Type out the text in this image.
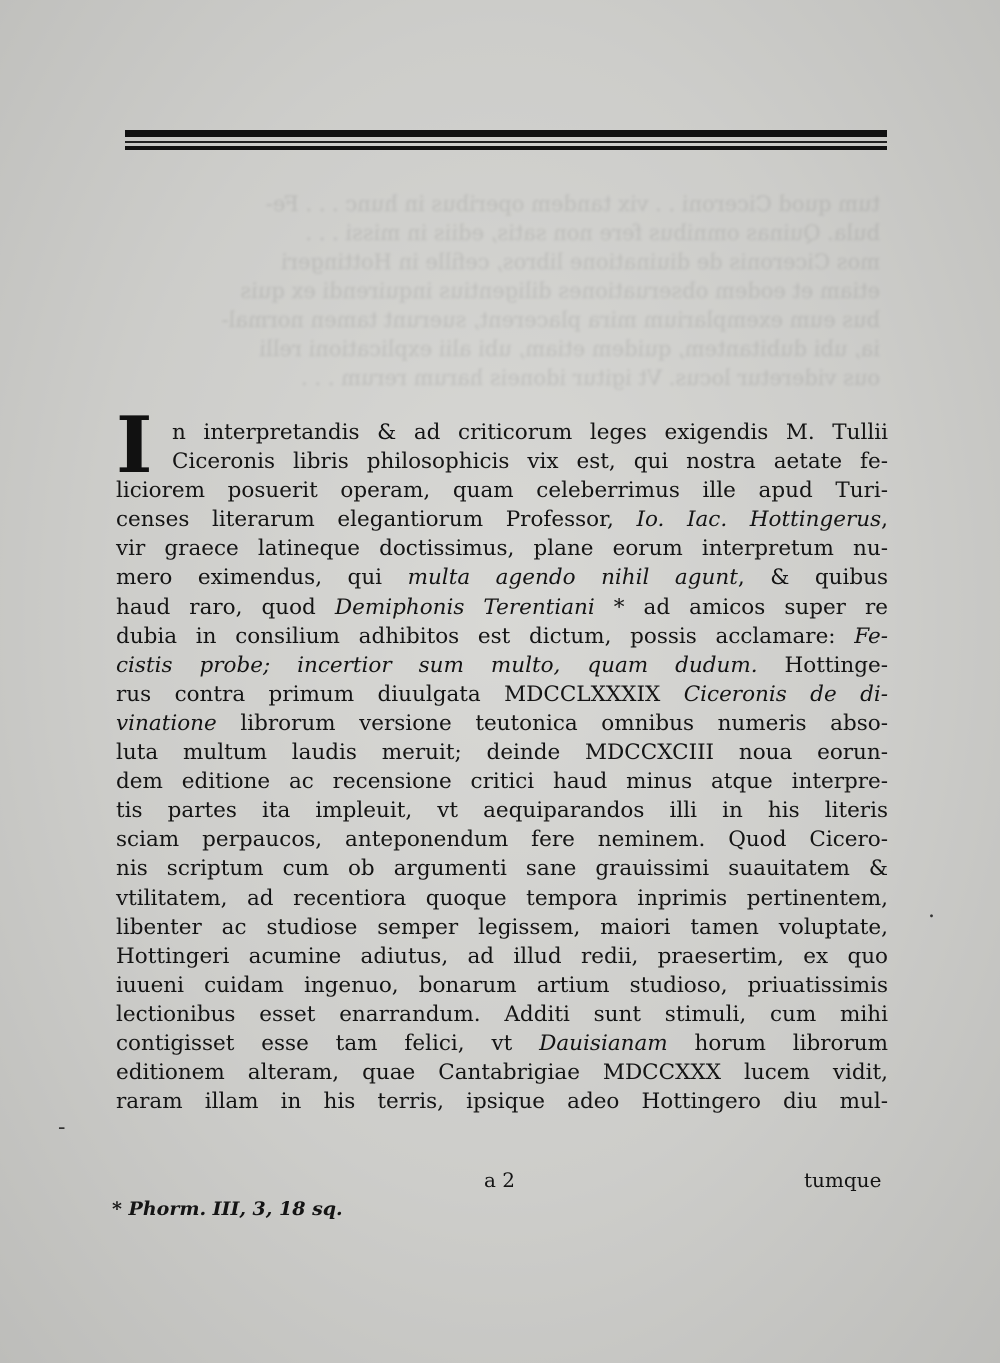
tum quod Ciceroni . . vix tandem operibus in hunc . . . Fe-
bula. Quinas omnibus fere non satis, ediis in missi . . .
mos Ciceronis de diuinatione libros, cefille in Hottingeri
etiam et eodem obseruationes diligentius inquirendi ex quis
bus eum exemplarium mira placerent, suerunt tamen normal-
ia, ubi dubitantem, quidem etiam, ubi alii explicationi relli
ous videretur locus. Vt igitur idoneis harum rerum . . .
I n interpretandis & ad criticorum leges exigendis M. Tullii
Ciceronis libris philosophicis vix est, qui nostra aetate fe-
liciorem posuerit operam, quam celeberrimus ille apud Turi-
censes literarum elegantiorum Professor, Io. Iac. Hottingerus,
vir graece latineque doctissimus, plane eorum interpretum nu-
mero eximendus, qui multa agendo nihil agunt, & quibus
haud raro, quod Demiphonis Terentiani * ad amicos super re
dubia in consilium adhibitos est dictum, possis acclamare: Fe-
cistis probe; incertior sum multo, quam dudum. Hottinge-
rus contra primum diuulgata MDCCLXXXIX Ciceronis de di-
vinatione librorum versione teutonica omnibus numeris abso-
luta multum laudis meruit; deinde MDCCXCIII noua eorun-
dem editione ac recensione critici haud minus atque interpre-
tis partes ita impleuit, vt aequiparandos illi in his literis
sciam perpaucos, anteponendum fere neminem. Quod Cicero-
nis scriptum cum ob argumenti sane grauissimi suauitatem &
vtilitatem, ad recentiora quoque tempora inprimis pertinentem,
libenter ac studiose semper legissem, maiori tamen voluptate,
Hottingeri acumine adiutus, ad illud redii, praesertim, ex quo
iuueni cuidam ingenuo, bonarum artium studioso, priuatissimis
lectionibus esset enarrandum. Additi sunt stimuli, cum mihi
contigisset esse tam felici, vt Dauisianam horum librorum
editionem alteram, quae Cantabrigiae MDCCXXX lucem vidit,
raram illam in his terris, ipsique adeo Hottingero diu mul-
a 2	tumque
* Phorm. III, 3, 18 sq.
-
.
